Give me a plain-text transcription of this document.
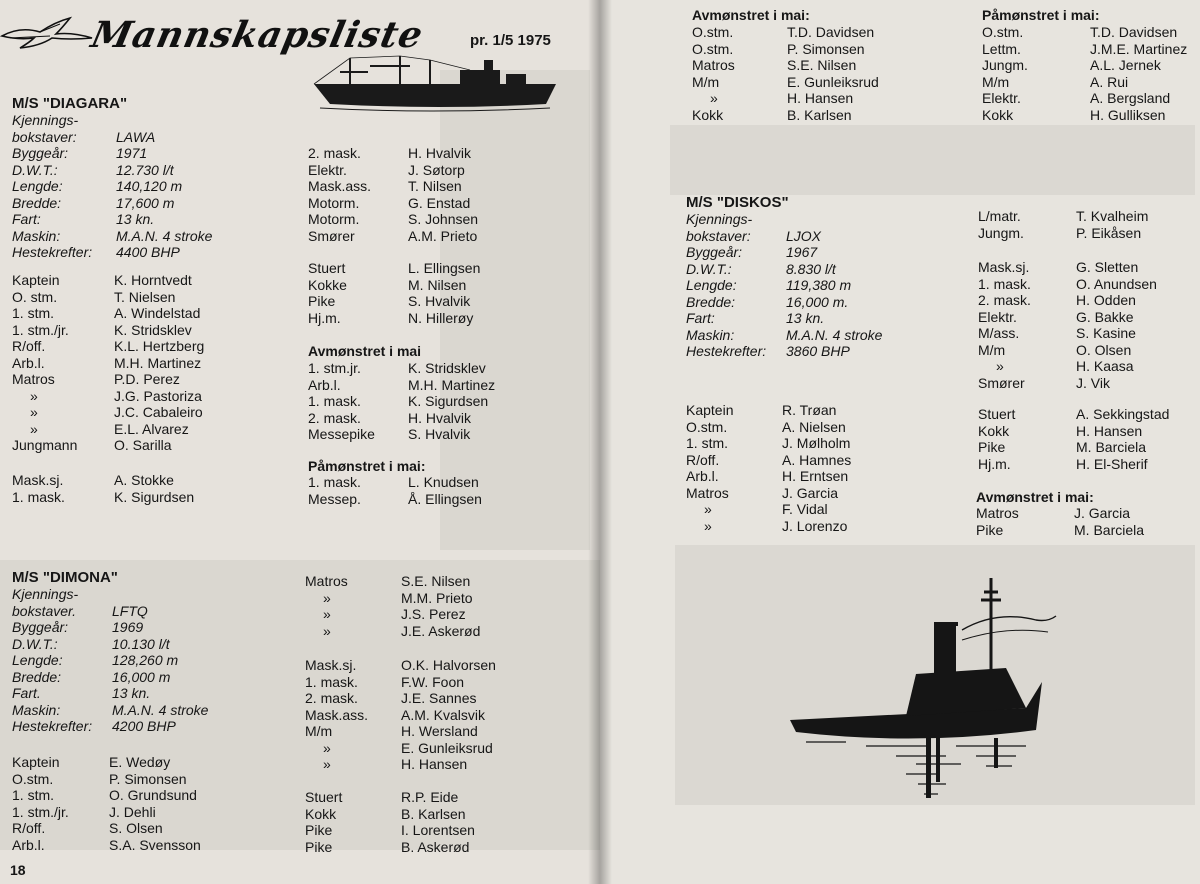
Mannskapsliste	pr. 1/5 1975
M/S "DIAGARA"
Kjennings-
bokstaver:	LAWA
Byggeår:	1971
D.W.T.:	12.730 l/t
Lengde:	140,120 m
Bredde:	17,600 m
Fart:	13 kn.
Maskin:	M.A.N. 4 stroke
Hestekrefter: 4400 BHP
Kaptein	K. Horntvedt
O. stm.	T. Nielsen
1. stm.	A. Windelstad
1. stm./jr.	K. Stridsklev
R/off.	K.L. Hertzberg
Arb.l.	M.H. Martinez
Matros	P.D. Perez
»	J.G. Pastoriza
»	J.C. Cabaleiro
»	E.L. Alvarez
Jungmann	O. Sarilla
Mask.sj.	A. Stokke
1. mask.	K. Sigurdsen
2. mask.	H. Hvalvik
Elektr.	J. Søtorp
Mask.ass.	T. Nilsen
Motorm.	G. Enstad
Motorm.	S. Johnsen
Smører	A.M. Prieto
Stuert	L. Ellingsen
Kokke	M. Nilsen
Pike	S. Hvalvik
Hj.m.	N. Hillerøy
Avmønstret i mai
1. stm.jr.	K. Stridsklev
Arb.l.	M.H. Martinez
1. mask.	K. Sigurdsen
2. mask.	H. Hvalvik
Messepike S. Hvalvik
Påmønstret i mai:
1. mask.	L. Knudsen
Messep.	Å. Ellingsen
M/S "DIMONA"
Kjennings-
bokstaver.	LFTQ
Byggeår:	1969
D.W.T.:	10.130 l/t
Lengde:	128,260 m
Bredde:	16,000 m
Fart.	13 kn.
Maskin:	M.A.N. 4 stroke
Hestekrefter: 4200 BHP
Kaptein	E. Wedøy
O.stm.	P. Simonsen
1. stm.	O. Grundsund
1. stm./jr.	J. Dehli
R/off.	S. Olsen
Arb.l.	S.A. Svensson
Matros	S.E. Nilsen
»	M.M. Prieto
»	J.S. Perez
»	J.E. Askerød
Mask.sj.	O.K. Halvorsen
1. mask.	F.W. Foon
2. mask.	J.E. Sannes
Mask.ass. A.M. Kvalsvik
M/m	H. Wersland
»	E. Gunleiksrud
»	H. Hansen
Stuert	R.P. Eide
Kokk	B. Karlsen
Pike	I. Lorentsen
Pike	B. Askerød
18
Avmønstret i mai:
O.stm.	T.D. Davidsen
O.stm.	P. Simonsen
Matros	S.E. Nilsen
M/m	E. Gunleiksrud
»	H. Hansen
Kokk	B. Karlsen
Påmønstret i mai:
O.stm.	T.D. Davidsen
Lettm.	J.M.E. Martinez
Jungm.	A.L. Jernek
M/m	A. Rui
Elektr.	A. Bergsland
Kokk	H. Gulliksen
M/S "DISKOS"
Kjennings-
bokstaver:	LJOX
Byggeår:	1967
D.W.T.:	8.830 l/t
Lengde:	119,380 m
Bredde:	16,000 m.
Fart:	13 kn.
Maskin:	M.A.N. 4 stroke
Hestekrefter: 3860 BHP
Kaptein	R. Trøan
O.stm.	A. Nielsen
1. stm.	J. Mølholm
R/off.	A. Hamnes
Arb.l.	H. Erntsen
Matros	J. Garcia
»	F. Vidal
»	J. Lorenzo
L/matr.	T. Kvalheim
Jungm.	P. Eikåsen
Mask.sj.	G. Sletten
1. mask.	O. Anundsen
2. mask.	H. Odden
Elektr.	G. Bakke
M/ass.	S. Kasine
M/m	O. Olsen
»	H. Kaasa
Smører	J. Vik
Stuert	A. Sekkingstad
Kokk	H. Hansen
Pike	M. Barciela
Hj.m.	H. El-Sherif
Avmønstret i mai:
Matros	J. Garcia
Pike	M. Barciela
